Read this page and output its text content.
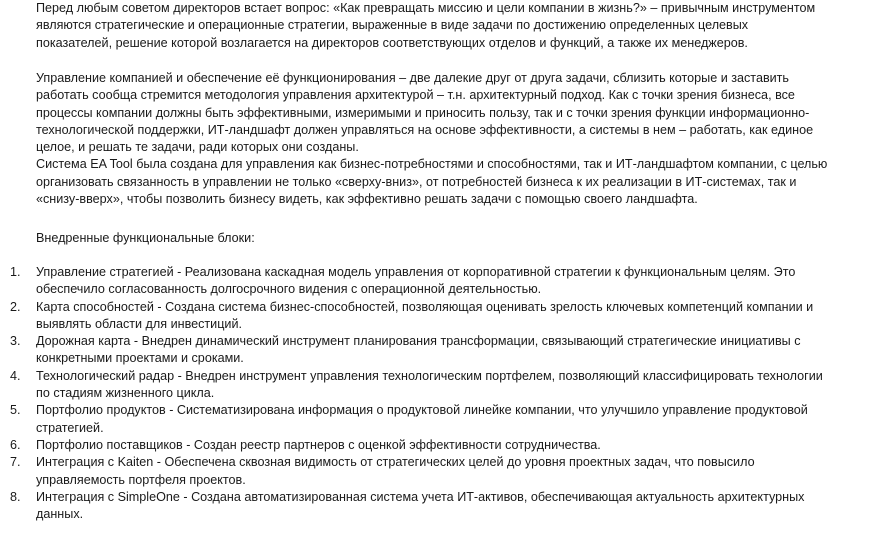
Перед любым советом директоров встает вопрос: «Как превращать миссию и цели компании в жизнь?» – привычным инструментом
являются стратегические и операционные стратегии, выраженные в виде задачи по достижению определенных целевых
показателей, решение которой возлагается на директоров соответствующих отделов и функций, а также их менеджеров.

Управление компанией и обеспечение её функционирования – две далекие друг от друга задачи, сблизить которые и заставить
работать сообща стремится методология управления архитектурой – т.н. архитектурный подход. Как с точки зрения бизнеса, все
процессы компании должны быть эффективными, измеримыми и приносить пользу, так и с точки зрения функции информационно-
технологической поддержки, ИТ-ландшафт должен управляться на основе эффективности, а системы в нем – работать, как единое
целое, и решать те задачи, ради которых они созданы.
Система EA Tool была создана для управления как бизнес-потребностями и способностями, так и ИТ-ландшафтом компании, с целью
организовать связанность в управлении не только «сверху-вниз», от потребностей бизнеса к их реализации в ИТ-системах, так и
«снизу-вверх», чтобы позволить бизнесу видеть, как эффективно решать задачи с помощью своего ландшафта.

Внедренные функциональные блоки:

1.	Управление стратегией - Реализована каскадная модель управления от корпоративной стратегии к функциональным целям. Это
обеспечило согласованность долгосрочного видения с операционной деятельностью.
2.	Карта способностей - Создана система бизнес-способностей, позволяющая оценивать зрелость ключевых компетенций компании и
выявлять области для инвестиций.
3.	Дорожная карта - Внедрен динамический инструмент планирования трансформации, связывающий стратегические инициативы с
конкретными проектами и сроками.
4.	Технологический радар - Внедрен инструмент управления технологическим портфелем, позволяющий классифицировать технологии
по стадиям жизненного цикла.
5.	Портфолио продуктов - Систематизирована информация о продуктовой линейке компании, что улучшило управление продуктовой
стратегией.
6.	Портфолио поставщиков - Создан реестр партнеров с оценкой эффективности сотрудничества.
7.	Интеграция с Kaiten - Обеспечена сквозная видимость от стратегических целей до уровня проектных задач, что повысило
управляемость портфеля проектов.
8.	Интеграция с SimpleOne - Создана автоматизированная система учета ИТ-активов, обеспечивающая актуальность архитектурных
данных.
